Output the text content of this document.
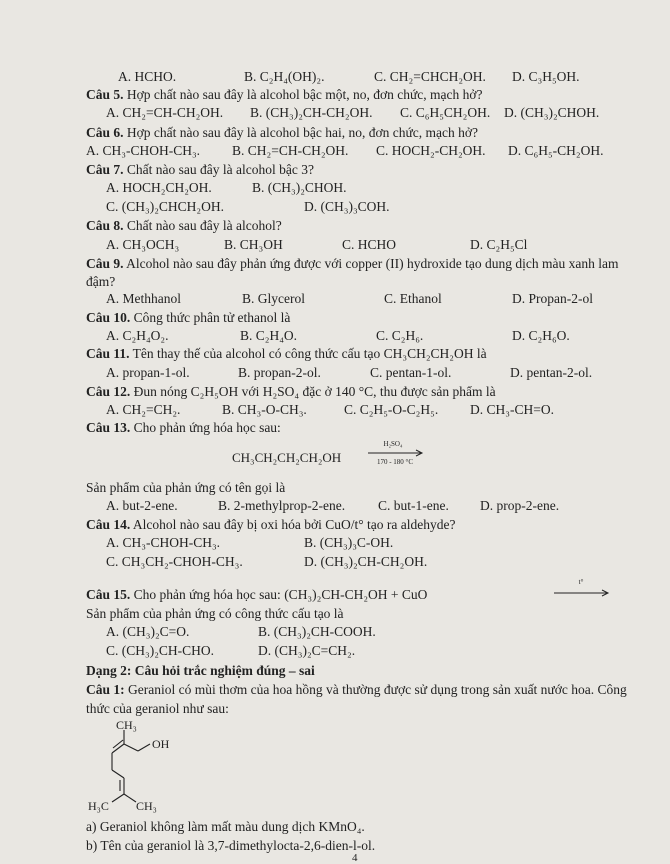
A. HCHO.	B. C₂H₄(OH)₂.	C. CH₂=CHCH₂OH. D. C₃H₅OH.
Câu 5. Hợp chất nào sau đây là alcohol bậc một, no, đơn chức, mạch hở?
A. CH₂=CH-CH₂OH. B. (CH₃)₂CH-CH₂OH. C. C₆H₅CH₂OH. D. (CH₃)₂CHOH.
Câu 6. Hợp chất nào sau đây là alcohol bậc hai, no, đơn chức, mạch hở?
A. CH₃-CHOH-CH₃. B. CH₂=CH-CH₂OH. C. HOCH₂-CH₂OH. D. C₆H₅-CH₂OH.
Câu 7. Chất nào sau đây là alcohol bậc 3?
A. HOCH₂CH₂OH.	B. (CH₃)₂CHOH.
C. (CH₃)₂CHCH₂OH.	D. (CH₃)₃COH.
Câu 8. Chất nào sau đây là alcohol?
A. CH₃OCH₃	B. CH₃OH	C. HCHO	D. C₂H₅Cl
Câu 9. Alcohol nào sau đây phản ứng được với copper (II) hydroxide tạo dung dịch màu xanh lam
đậm?
A. Methhanol	B. Glycerol	C. Ethanol	D. Propan-2-ol
Câu 10. Công thức phân tử ethanol là
A. C₂H₄O₂.	B. C₂H₄O.	C. C₂H₆.	D. C₂H₆O.
Câu 11. Tên thay thế của alcohol có công thức cấu tạo CH₃CH₂CH₂OH là
A. propan-1-ol.	B. propan-2-ol.	C. pentan-1-ol.	D. pentan-2-ol.
Câu 12. Đun nóng C₂H₅OH với H₂SO₄ đặc ở 140 °C, thu được sản phẩm là
A. CH₂=CH₂.	B. CH₃-O-CH₃.	C. C₂H₅-O-C₂H₅. D. CH₃-CH=O.
Câu 13. Cho phản ứng hóa học sau:
CH₃CH₂CH₂CH₂OH
H₂SO₄
170 - 180 °C
Sản phẩm của phản ứng có tên gọi là
A. but-2-ene.	B. 2-methylprop-2-ene. C. but-1-ene. D. prop-2-ene.
Câu 14. Alcohol nào sau đây bị oxi hóa bởi CuO/t° tạo ra aldehyde?
A. CH₃-CHOH-CH₃.	B. (CH₃)₃C-OH.
C. CH₃CH₂-CHOH-CH₃.	D. (CH₃)₂CH-CH₂OH.
Câu 15. Cho phản ứng hóa học sau: (CH₃)₂CH-CH₂OH + CuO
t°
Sản phẩm của phản ứng có công thức cấu tạo là
A. (CH₃)₂C=O.	B. (CH₃)₂CH-COOH.
C. (CH₃)₂CH-CHO.	D. (CH₃)₂C=CH₂.
Dạng 2: Câu hỏi trắc nghiệm đúng – sai
Câu 1: Geraniol có mùi thơm của hoa hồng và thường được sử dụng trong sản xuất nước hoa. Công
thức của geraniol như sau:
CH₃
OH
H₃C CH₃
a) Geraniol không làm mất màu dung dịch KMnO₄.
b) Tên của geraniol là 3,7-dimethylocta-2,6-dien-l-ol.
4
